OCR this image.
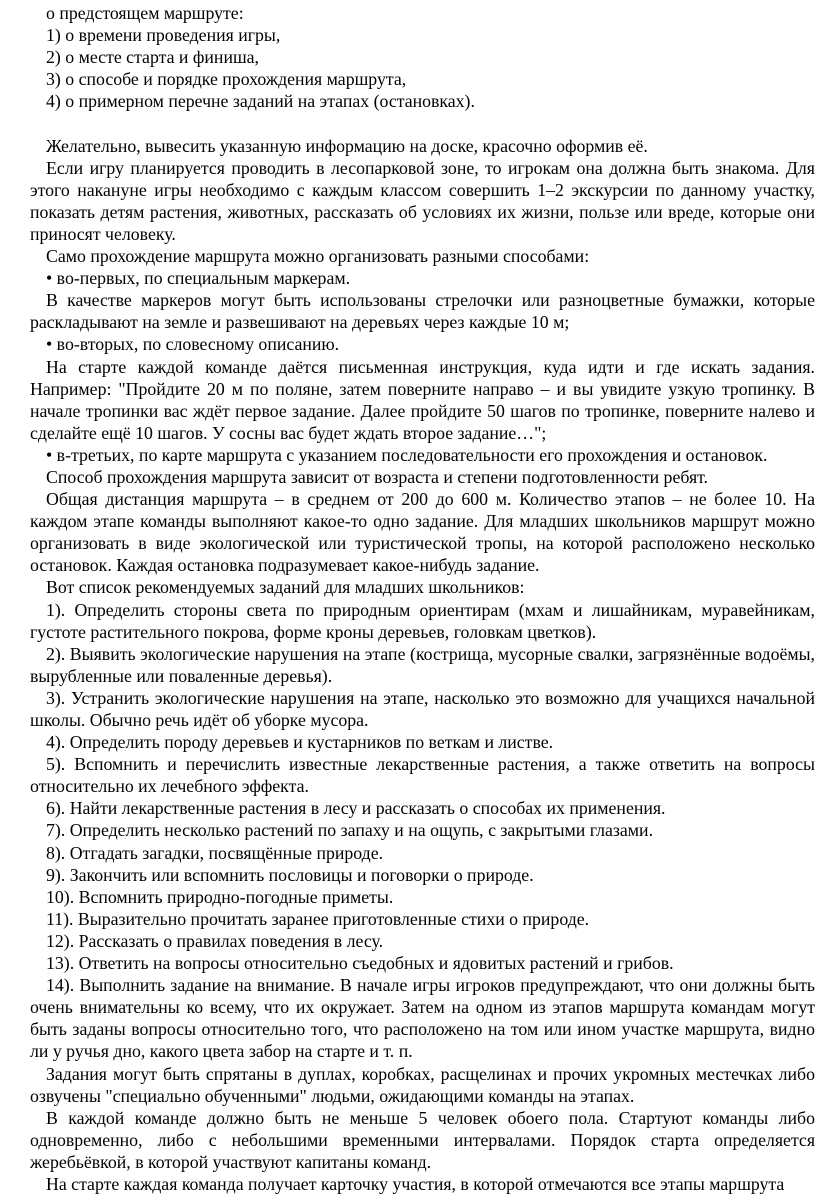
о предстоящем маршруте:

1) о времени проведения игры,

2) о месте старта и финиша,

3) о способе и порядке прохождения маршрута,

4) о примерном перечне заданий на этапах (остановках).

Желательно, вывесить указанную информацию на доске, красочно оформив её.

Если игру планируется проводить в лесопарковой зоне, то игрокам она должна быть знакома. Для этого накануне игры необходимо с каждым классом совершить 1–2 экскурсии по данному участку, показать детям растения, животных, рассказать об условиях их жизни, пользе или вреде, которые они приносят человеку.

Само прохождение маршрута можно организовать разными способами:

• во-первых, по специальным маркерам.

В качестве маркеров могут быть использованы стрелочки или разноцветные бумажки, которые раскладывают на земле и развешивают на деревьях через каждые 10 м;

• во-вторых, по словесному описанию.

На старте каждой команде даётся письменная инструкция, куда идти и где искать задания. Например: "Пройдите 20 м по поляне, затем поверните направо – и вы увидите узкую тропинку. В начале тропинки вас ждёт первое задание. Далее пройдите 50 шагов по тропинке, поверните налево и сделайте ещё 10 шагов. У сосны вас будет ждать второе задание…";

• в-третьих, по карте маршрута с указанием последовательности его прохождения и остановок.

Способ прохождения маршрута зависит от возраста и степени подготовленности ребят.

Общая дистанция маршрута – в среднем от 200 до 600 м. Количество этапов – не более 10. На каждом этапе команды выполняют какое-то одно задание. Для младших школьников маршрут можно организовать в виде экологической или туристической тропы, на которой расположено несколько остановок. Каждая остановка подразумевает какое-нибудь задание.

Вот список рекомендуемых заданий для младших школьников:

1). Определить стороны света по природным ориентирам (мхам и лишайникам, муравейникам, густоте растительного покрова, форме кроны деревьев, головкам цветков).

2). Выявить экологические нарушения на этапе (кострища, мусорные свалки, загрязнённые водоёмы, вырубленные или поваленные деревья).

3). Устранить экологические нарушения на этапе, насколько это возможно для учащихся начальной школы. Обычно речь идёт об уборке мусора.

4). Определить породу деревьев и кустарников по веткам и листве.

5). Вспомнить и перечислить известные лекарственные растения, а также ответить на вопросы относительно их лечебного эффекта.

6). Найти лекарственные растения в лесу и рассказать о способах их применения.

7). Определить несколько растений по запаху и на ощупь, с закрытыми глазами.

8). Отгадать загадки, посвящённые природе.

9). Закончить или вспомнить пословицы и поговорки о природе.

10). Вспомнить природно-погодные приметы.

11). Выразительно прочитать заранее приготовленные стихи о природе.

12). Рассказать о правилах поведения в лесу.

13). Ответить на вопросы относительно съедобных и ядовитых растений и грибов.

14). Выполнить задание на внимание. В начале игры игроков предупреждают, что они должны быть очень внимательны ко всему, что их окружает. Затем на одном из этапов маршрута командам могут быть заданы вопросы относительно того, что расположено на том или ином участке маршрута, видно ли у ручья дно, какого цвета забор на старте и т. п.

Задания могут быть спрятаны в дуплах, коробках, расщелинах и прочих укромных местечках либо озвучены "специально обученными" людьми, ожидающими команды на этапах.

В каждой команде должно быть не меньше 5 человек обоего пола. Стартуют команды либо одновременно, либо с небольшими временными интервалами. Порядок старта определяется жеребьёвкой, в которой участвуют капитаны команд.

На старте каждая команда получает карточку участия, в которой отмечаются все этапы маршрута
